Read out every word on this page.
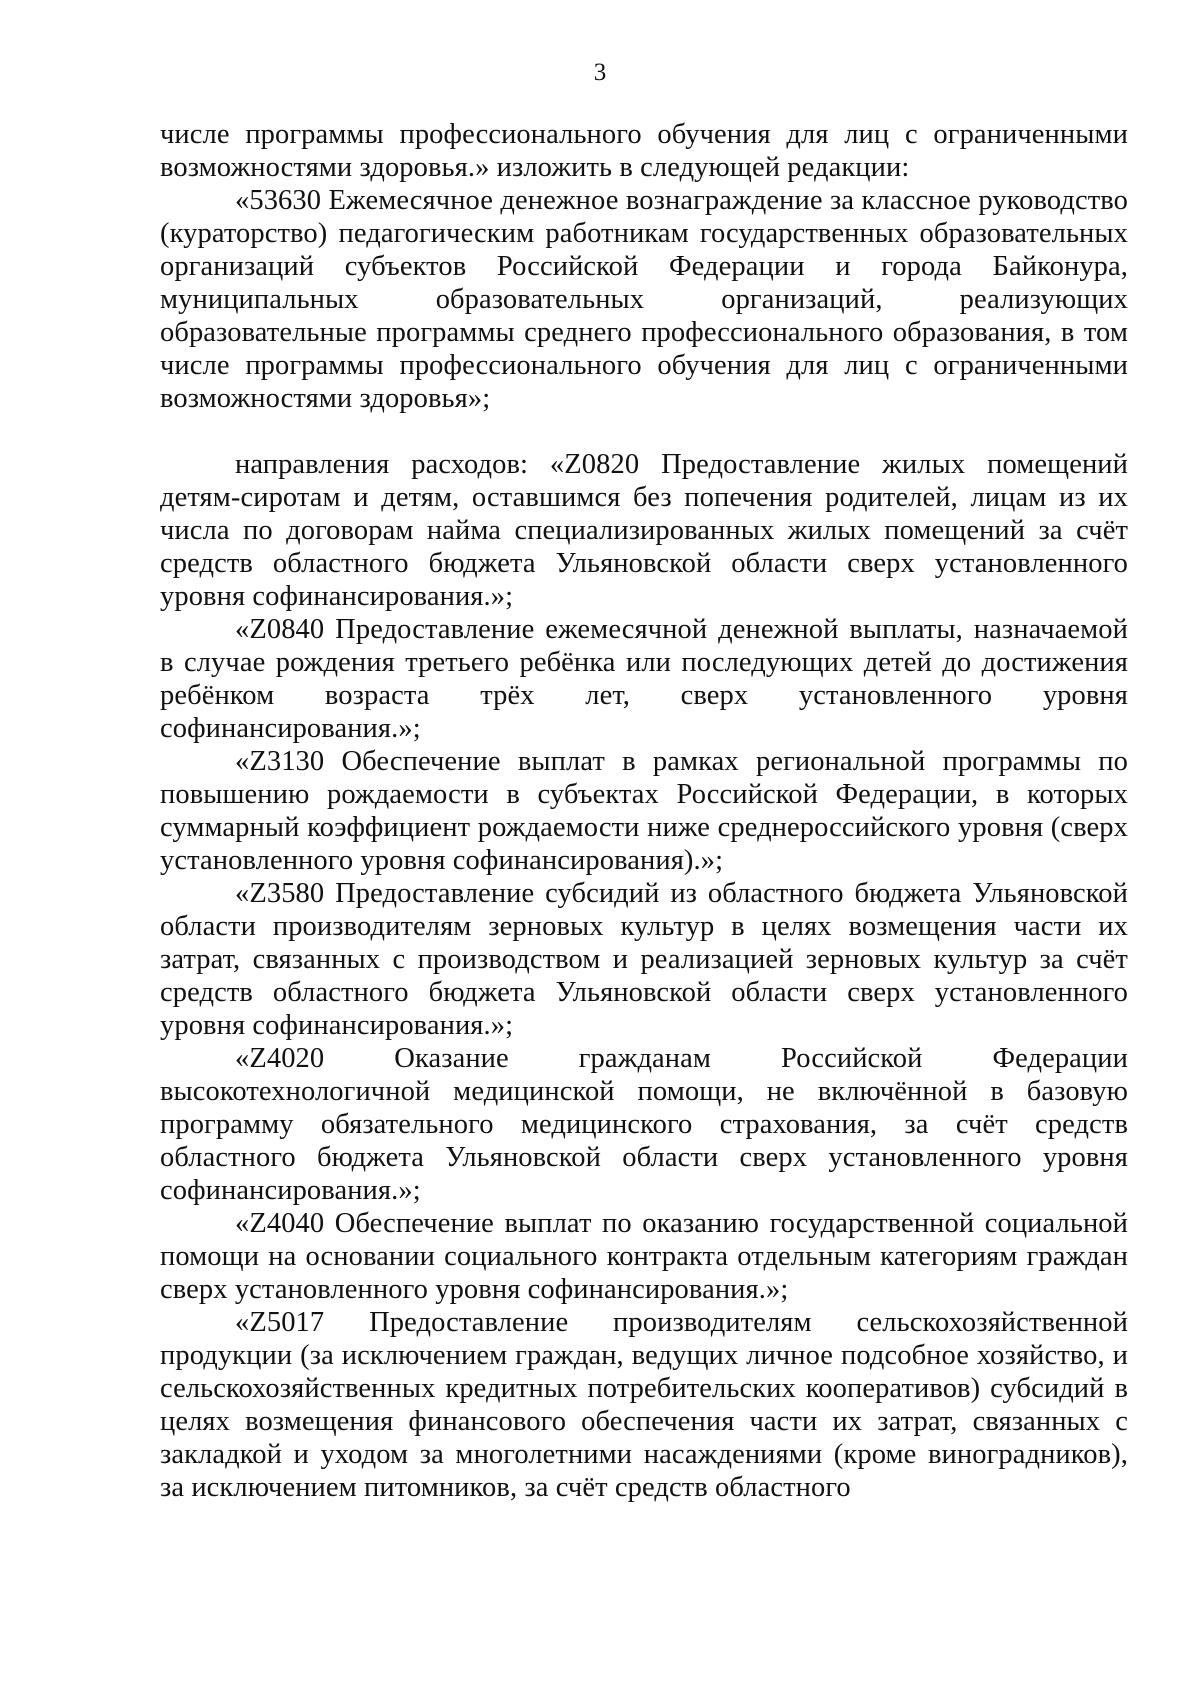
3

числе программы профессионального обучения для лиц с ограниченными возможностями здоровья.» изложить в следующей редакции:

«53630 Ежемесячное денежное вознаграждение за классное руководство (кураторство) педагогическим работникам государственных образовательных организаций субъектов Российской Федерации и города Байконура, муниципальных образовательных организаций, реализующих образовательные программы среднего профессионального образования, в том числе программы профессионального обучения для лиц с ограниченными возможностями здоровья»;

направления расходов: «Z0820 Предоставление жилых помещений детям-сиротам и детям, оставшимся без попечения родителей, лицам из их числа по договорам найма специализированных жилых помещений за счёт средств областного бюджета Ульяновской области сверх установленного уровня софинансирования.»;

«Z0840 Предоставление ежемесячной денежной выплаты, назначаемой в случае рождения третьего ребёнка или последующих детей до достижения ребёнком возраста трёх лет, сверх установленного уровня софинансирования.»;

«Z3130 Обеспечение выплат в рамках региональной программы по повышению рождаемости в субъектах Российской Федерации, в которых суммарный коэффициент рождаемости ниже среднероссийского уровня (сверх установленного уровня софинансирования).»;

«Z3580 Предоставление субсидий из областного бюджета Ульяновской области производителям зерновых культур в целях возмещения части их затрат, связанных с производством и реализацией зерновых культур за счёт средств областного бюджета Ульяновской области сверх установленного уровня софинансирования.»;

«Z4020 Оказание гражданам Российской Федерации высокотехнологичной медицинской помощи, не включённой в базовую программу обязательного медицинского страхования, за счёт средств областного бюджета Ульяновской области сверх установленного уровня софинансирования.»;

«Z4040 Обеспечение выплат по оказанию государственной социальной помощи на основании социального контракта отдельным категориям граждан сверх установленного уровня софинансирования.»;

«Z5017 Предоставление производителям сельскохозяйственной продукции (за исключением граждан, ведущих личное подсобное хозяйство, и сельскохозяйственных кредитных потребительских кооперативов) субсидий в целях возмещения финансового обеспечения части их затрат, связанных с закладкой и уходом за многолетними насаждениями (кроме виноградников), за исключением питомников, за счёт средств областного
